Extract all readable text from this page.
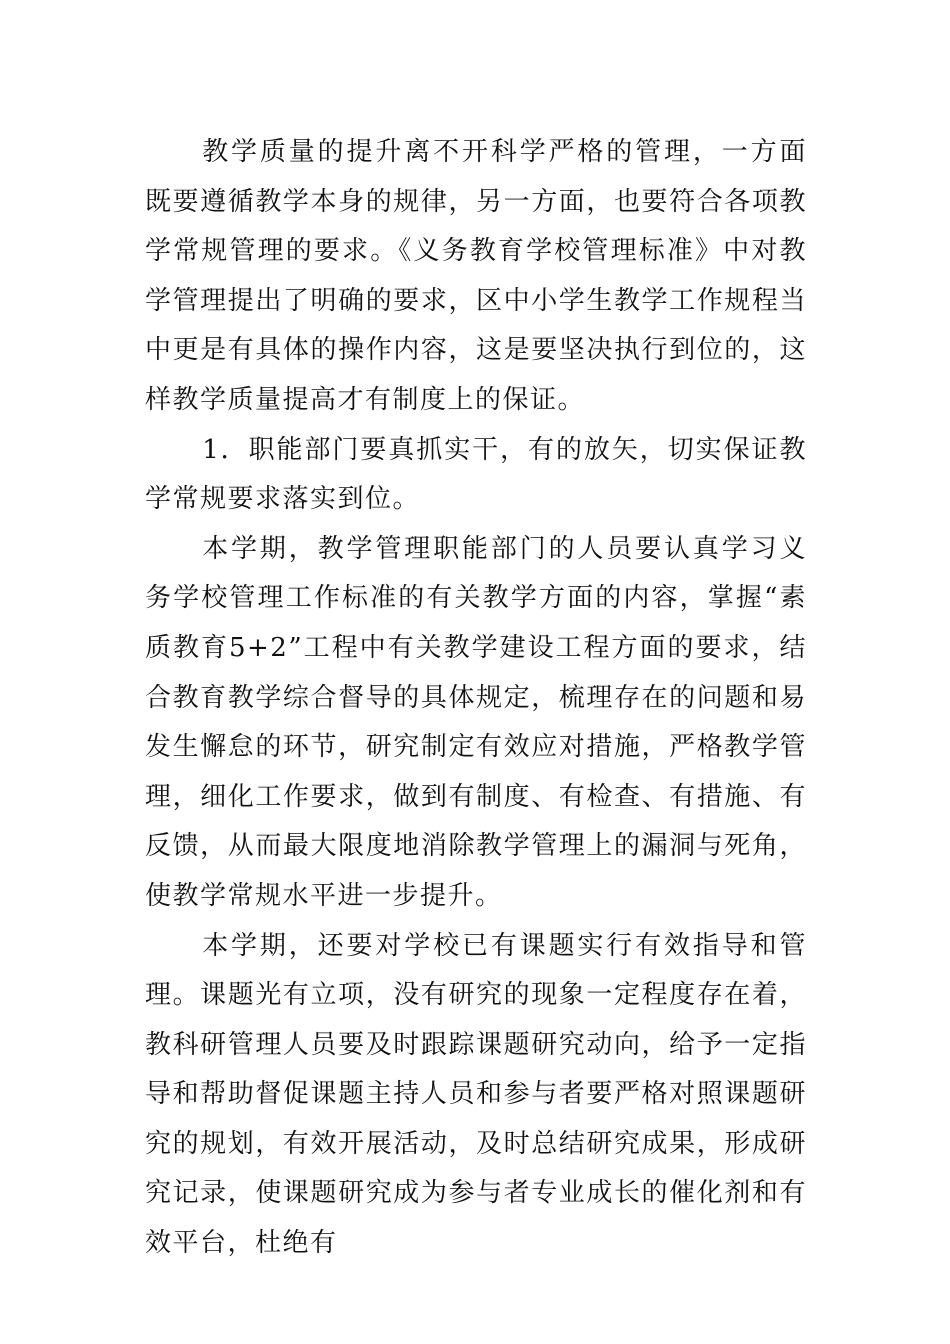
教学质量的提升离不开科学严格的管理，一方面既要遵循教学本身的规律，另一方面，也要符合各项教学常规管理的要求。《义务教育学校管理标准》中对教学管理提出了明确的要求，区中小学生教学工作规程当中更是有具体的操作内容，这是要坚决执行到位的，这样教学质量提高才有制度上的保证。

1．职能部门要真抓实干，有的放矢，切实保证教学常规要求落实到位。

本学期，教学管理职能部门的人员要认真学习义务学校管理工作标准的有关教学方面的内容，掌握“素质教育5+2”工程中有关教学建设工程方面的要求，结合教育教学综合督导的具体规定，梳理存在的问题和易发生懈怠的环节，研究制定有效应对措施，严格教学管理，细化工作要求，做到有制度、有检查、有措施、有反馈，从而最大限度地消除教学管理上的漏洞与死角，使教学常规水平进一步提升。

本学期，还要对学校已有课题实行有效指导和管理。课题光有立项，没有研究的现象一定程度存在着，教科研管理人员要及时跟踪课题研究动向，给予一定指导和帮助督促课题主持人员和参与者要严格对照课题研究的规划，有效开展活动，及时总结研究成果，形成研究记录，使课题研究成为参与者专业成长的催化剂和有效平台，杜绝有
